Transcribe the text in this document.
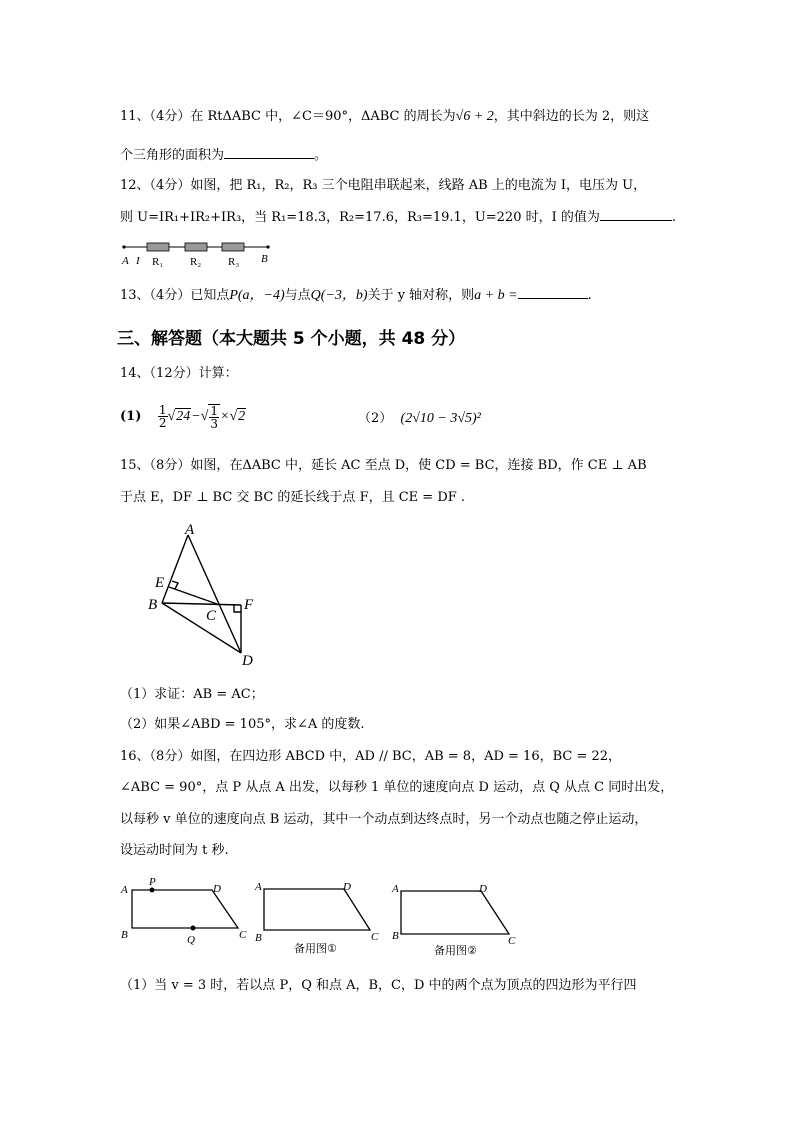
11、（4分）在 RtΔABC 中，∠C＝90°，ΔABC 的周长为√6 + 2，其中斜边的长为 2，则这
个三角形的面积为	。
12、（4分）如图，把 R₁，R₂，R₃ 三个电阻串联起来，线路 AB 上的电流为 I，电压为 U，
则 U=IR₁+IR₂+IR₃，当 R₁=18.3，R₂=17.6，R₃=19.1，U=220 时，I 的值为	.
A I R₁ R₂ R₃ B
13、（4分）已知点P(a，−4)与点Q(−3，b)关于 y 轴对称，则a + b =	.
三、解答题（本大题共 5 个小题，共 48 分）
14、（12分）计算：
$(1) \frac{1}{2} √24-√ \frac{1}{3} \times√2$	（2） (2√10 − 3√5)²
15、（8分）如图，在ΔABC 中，延长 AC 至点 D，使 CD = BC，连接 BD，作 CE ⊥ AB
于点 E，DF ⊥ BC 交 BC 的延长线于点 F，且 CE = DF .
A
E
B
C
F
D
（1）求证：AB = AC；
（2）如果∠ABD = 105°，求∠A 的度数.
16、（8分）如图，在四边形 ABCD 中，AD // BC，AB = 8，AD = 16，BC = 22，
∠ABC = 90°，点 P 从点 A 出发，以每秒 1 单位的速度向点 D 运动，点 Q 从点 C 同时出发，
以每秒 v 单位的速度向点 B 运动，其中一个动点到达终点时，另一个动点也随之停止运动，
设运动时间为 t 秒.
A
P
D
B	Q	C
A	D
B	C
备用图①
A	D
B	C
备用图②
（1）当 v = 3 时，若以点 P，Q 和点 A，B，C，D 中的两个点为顶点的四边形为平行四
